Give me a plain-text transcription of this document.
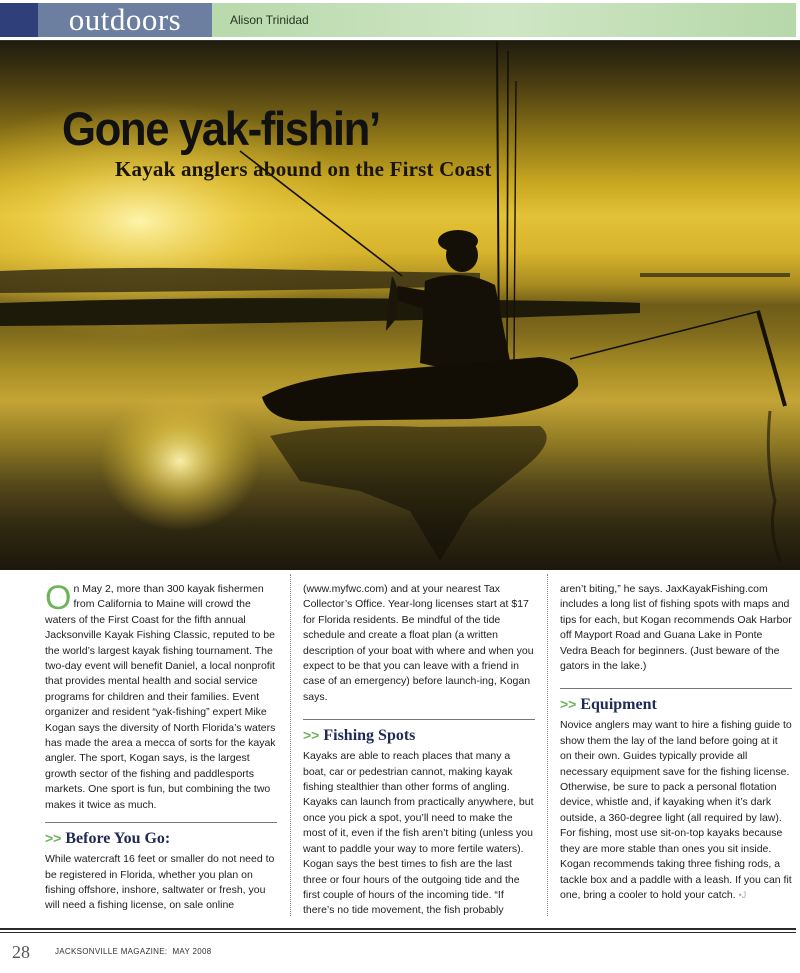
outdoors	Alison Trinidad
Gone yak-fishin’
Kayak anglers abound on the First Coast

On May 2, more than 300 kayak fishermen from California to Maine will crowd the waters of the First Coast for the fifth annual Jacksonville Kayak Fishing Classic, reputed to be the world’s largest kayak fishing tournament. The two-day event will benefit Daniel, a local nonprofit that provides mental health and social service programs for children and their families. Event organizer and resident “yak-fishing” expert Mike Kogan says the diversity of North Florida’s waters has made the area a mecca of sorts for the kayak angler. The sport, Kogan says, is the largest growth sector of the fishing and paddlesports markets. One sport is fun, but combining the two makes it twice as much.

>> Before You Go:

While watercraft 16 feet or smaller do not need to be registered in Florida, whether you plan on fishing offshore, inshore, saltwater or fresh, you will need a fishing license, on sale online

(www.myfwc.com) and at your nearest Tax Collector’s Office. Year-long licenses start at $17 for Florida residents. Be mindful of the tide schedule and create a float plan (a written description of your boat with where and when you expect to be that you can leave with a friend in case of an emergency) before launch-ing, Kogan says.

>> Fishing Spots

Kayaks are able to reach places that many a boat, car or pedestrian cannot, making kayak fishing stealthier than other forms of angling. Kayaks can launch from practically anywhere, but once you pick a spot, you’ll need to make the most of it, even if the fish aren’t biting (unless you want to paddle your way to more fertile waters). Kogan says the best times to fish are the last three or four hours of the outgoing tide and the first couple of hours of the incoming tide. “If there’s no tide movement, the fish probably

aren’t biting,” he says. JaxKayakFishing.com includes a long list of fishing spots with maps and tips for each, but Kogan recommends Oak Harbor off Mayport Road and Guana Lake in Ponte Vedra Beach for beginners. (Just beware of the gators in the lake.)

>> Equipment

Novice anglers may want to hire a fishing guide to show them the lay of the land before going at it on their own. Guides typically provide all necessary equipment save for the fishing license. Otherwise, be sure to pack a personal flotation device, whistle and, if kayaking when it’s dark outside, a 360-degree light (all required by law). For fishing, most use sit-on-top kayaks because they are more stable than ones you sit inside. Kogan recommends taking three fishing rods, a tackle box and a paddle with a leash. If you can fit one, bring a cooler to hold your catch. •J

28	JACKSONVILLE MAGAZINE: MAY 2008
